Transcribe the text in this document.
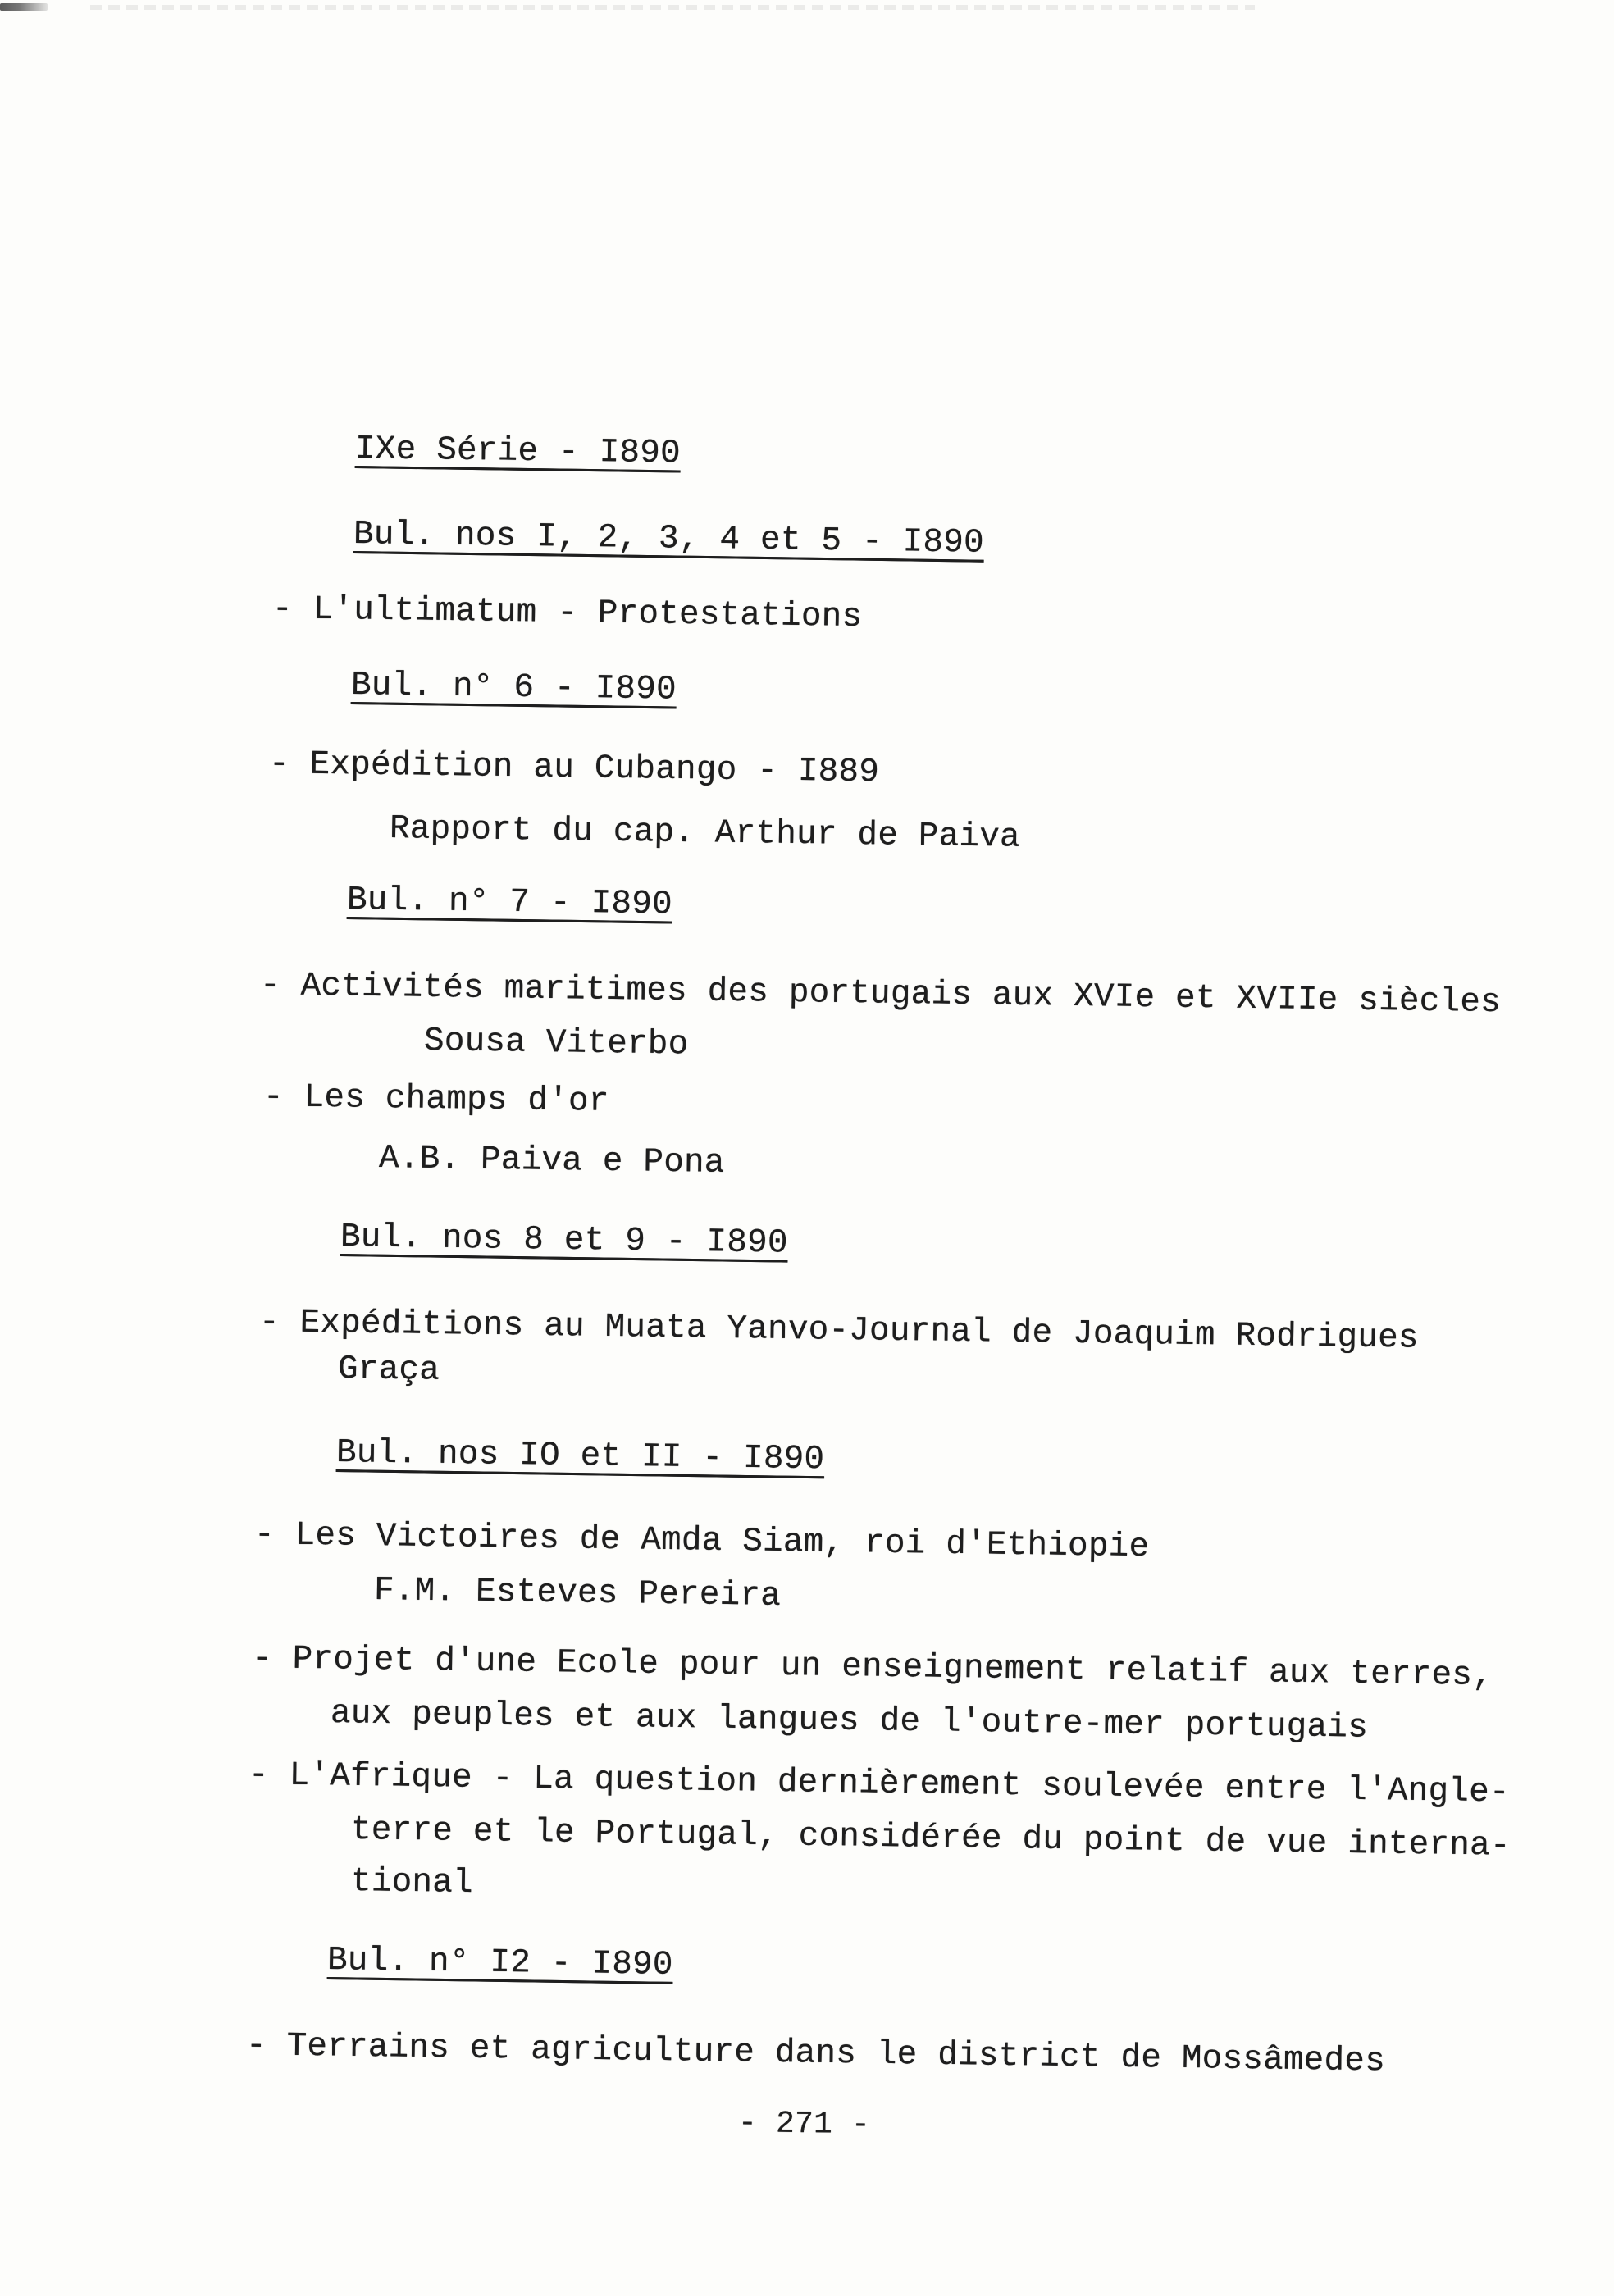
IXe Série - I890
Bul. nos I, 2, 3, 4 et 5 - I890
- L'ultimatum - Protestations
Bul. n° 6 - I890
- Expédition au Cubango - I889
Rapport du cap. Arthur de Paiva
Bul. n° 7 - I890
- Activités maritimes des portugais aux XVIe et XVIIe siècles
Sousa Viterbo
- Les champs d'or
A.B. Paiva e Pona
Bul. nos 8 et 9 - I890
- Expéditions au Muata Yanvo-Journal de Joaquim Rodrigues
Graça
Bul. nos IO et II - I890
- Les Victoires de Amda Siam, roi d'Ethiopie
F.M. Esteves Pereira
- Projet d'une Ecole pour un enseignement relatif aux terres,
aux peuples et aux langues de l'outre-mer portugais
- L'Afrique - La question dernièrement soulevée entre l'Angle-
terre et le Portugal, considérée du point de vue interna-
tional
Bul. n° I2 - I890
- Terrains et agriculture dans le district de Mossâmedes
- 271 -
